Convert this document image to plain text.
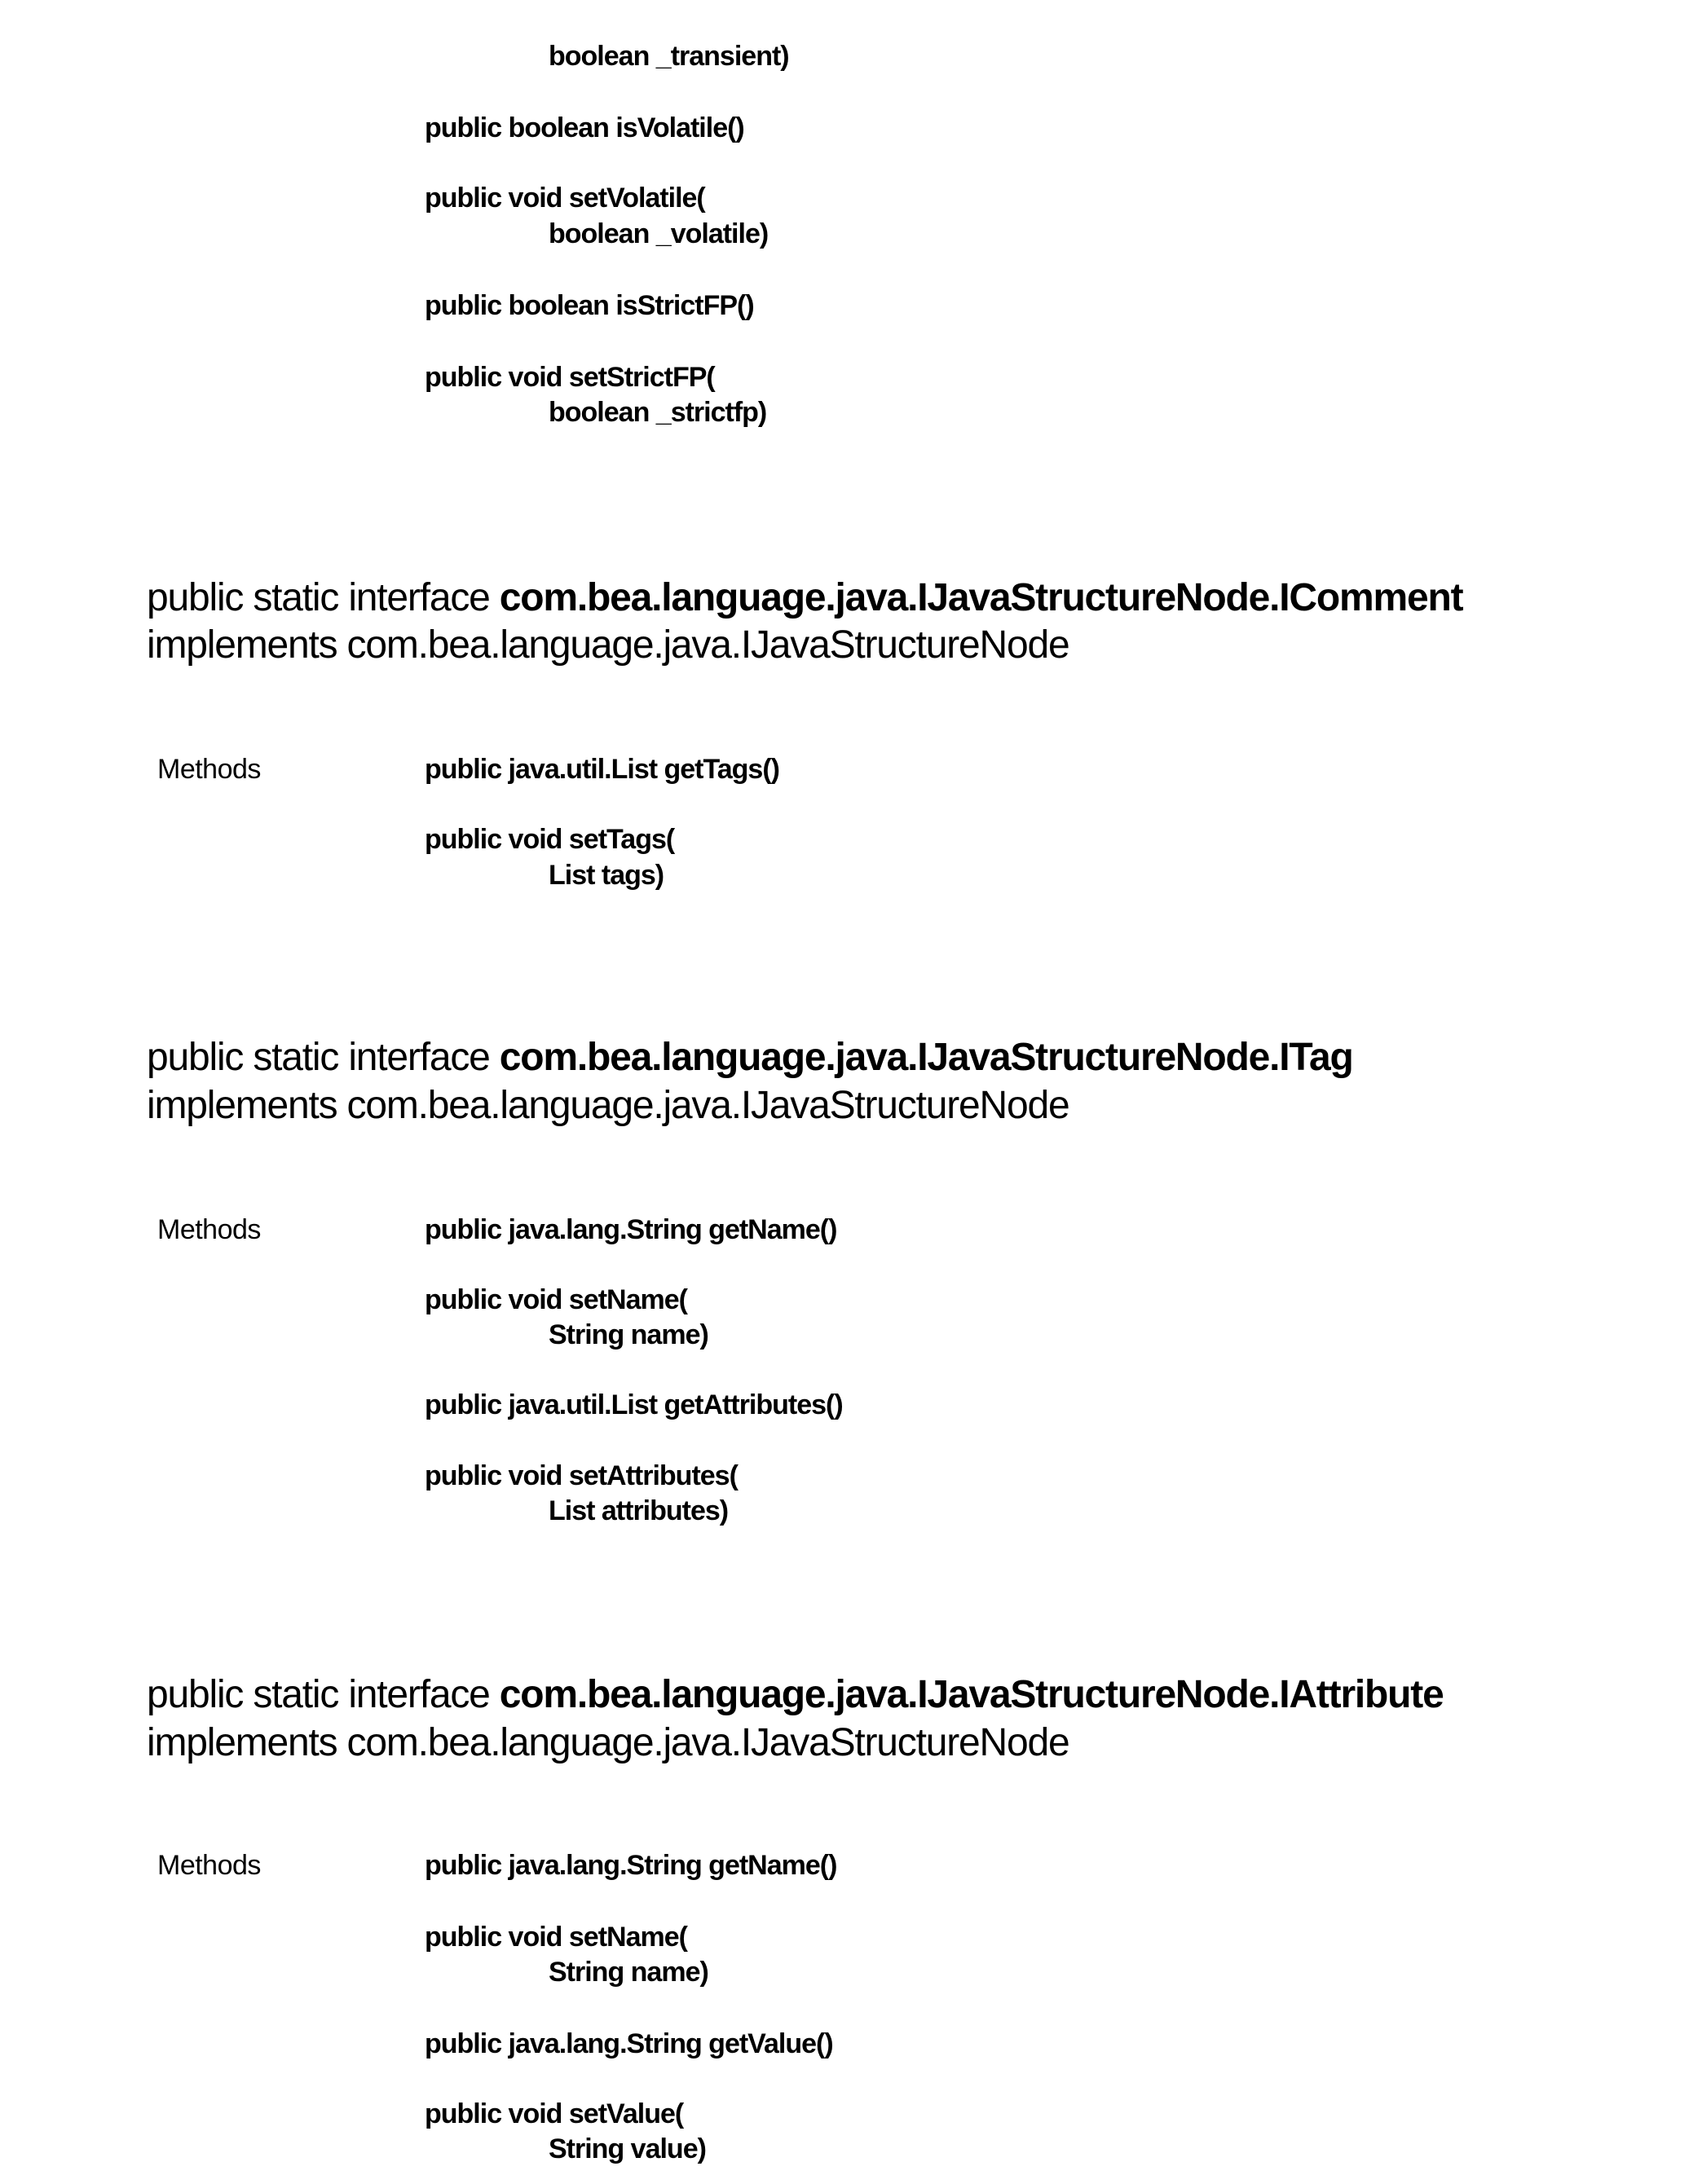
boolean _transient)
public boolean isVolatile()
public void setVolatile(
boolean _volatile)
public boolean isStrictFP()
public void setStrictFP(
boolean _strictfp)
public static interface com.bea.language.java.IJavaStructureNode.IComment
implements com.bea.language.java.IJavaStructureNode
Methods	public java.util.List getTags()
public void setTags(
List tags)
public static interface com.bea.language.java.IJavaStructureNode.ITag
implements com.bea.language.java.IJavaStructureNode
Methods	public java.lang.String getName()
public void setName(
String name)
public java.util.List getAttributes()
public void setAttributes(
List attributes)
public static interface com.bea.language.java.IJavaStructureNode.IAttribute
implements com.bea.language.java.IJavaStructureNode
Methods	public java.lang.String getName()
public void setName(
String name)
public java.lang.String getValue()
public void setValue(
String value)
